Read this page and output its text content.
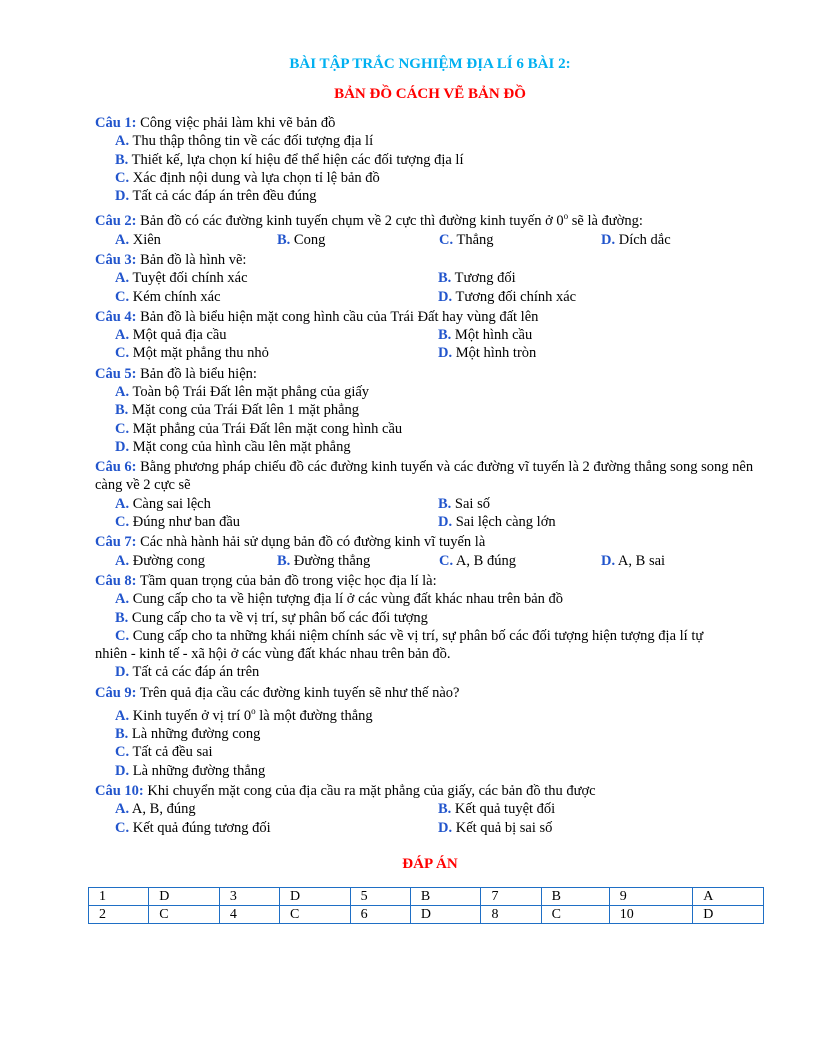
BÀI TẬP TRẮC NGHIỆM ĐỊA LÍ 6 BÀI 2:
BẢN ĐỒ CÁCH VẼ BẢN ĐỒ
Câu 1: Công việc phải làm khi vẽ bản đồ
A. Thu thập thông tin về các đối tượng địa lí
B. Thiết kế, lựa chọn kí hiệu để thể hiện các đối tượng địa lí
C. Xác định nội dung và lựa chọn tỉ lệ bản đồ
D. Tất cả các đáp án trên đều đúng
Câu 2: Bản đồ có các đường kinh tuyến chụm về 2 cực thì đường kinh tuyến ở 0$^o$ sẽ là đường:
A. Xiên	B. Cong	C. Thẳng	D. Dích dắc
Câu 3: Bản đồ là hình vẽ:
A. Tuyệt đối chính xác	B. Tương đối
C. Kém chính xác	D. Tương đối chính xác
Câu 4: Bản đồ là biểu hiện mặt cong hình cầu của Trái Đất hay vùng đất lên
A. Một quả địa cầu	B. Một hình cầu
C. Một mặt phẳng thu nhỏ	D. Một hình tròn
Câu 5: Bản đồ là biểu hiện:
A. Toàn bộ Trái Đất lên mặt phẳng của giấy
B. Mặt cong của Trái Đất lên 1 mặt phẳng
C. Mặt phẳng của Trái Đất lên mặt cong hình cầu
D. Mặt cong của hình cầu lên mặt phẳng
Câu 6: Bằng phương pháp chiếu đồ các đường kinh tuyến và các đường vĩ tuyến là 2 đường thẳng song song nên càng về 2 cực sẽ
A. Càng sai lệch	B. Sai số
C. Đúng như ban đầu	D. Sai lệch càng lớn
Câu 7: Các nhà hành hải sử dụng bản đồ có đường kinh vĩ tuyến là
A. Đường cong	B. Đường thẳng	C. A, B đúng	D. A, B sai
Câu 8: Tầm quan trọng của bản đồ trong việc học địa lí là:
A. Cung cấp cho ta về hiện tượng địa lí ở các vùng đất khác nhau trên bản đồ
B. Cung cấp cho ta về vị trí, sự phân bố các đối tượng
C. Cung cấp cho ta những khái niệm chính sác về vị trí, sự phân bố các đối tượng hiện tượng địa lí tự
nhiên - kinh tế - xã hội ở các vùng đất khác nhau trên bản đồ.
D. Tất cả các đáp án trên
Câu 9: Trên quả địa cầu các đường kinh tuyến sẽ như thế nào?
A. Kinh tuyến ở vị trí 0$^o$ là một đường thẳng
B. Là những đường cong
C. Tất cả đều sai
D. Là những đường thẳng
Câu 10: Khi chuyển mặt cong của địa cầu ra mặt phẳng của giấy, các bản đồ thu được
A. A, B, đúng	B. Kết quả tuyệt đối
C. Kết quả đúng tương đối	D. Kết quả bị sai số
ĐÁP ÁN
1	D	3	D	5	B	7	B	9	A
2	C	4	C	6	D	8	C	10	D
